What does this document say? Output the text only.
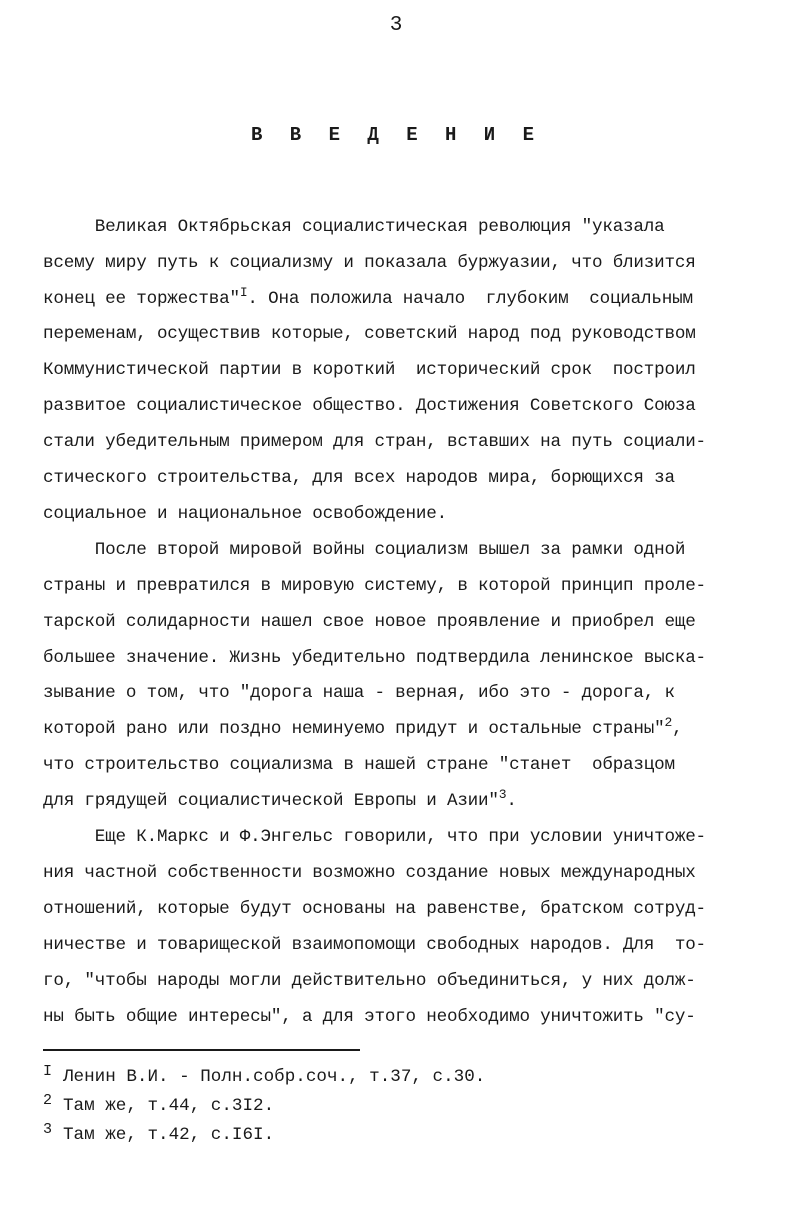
3
В В Е Д Е Н И Е
Великая Октябрьская социалистическая революция "указала
всему миру путь к социализму и показала буржуазии, что близится
конец ее торжества"$^I$. Она положила начало  глубоким  социальным
переменам, осуществив которые, советский народ под руководством
Коммунистической партии в короткий  исторический срок  построил
развитое социалистическое общество. Достижения Советского Союза
стали убедительным примером для стран, вставших на путь социали-
стического строительства, для всех народов мира, борющихся за
социальное и национальное освобождение.
После второй мировой войны социализм вышел за рамки одной
страны и превратился в мировую систему, в которой принцип проле-
тарской солидарности нашел свое новое проявление и приобрел еще
большее значение. Жизнь убедительно подтвердила ленинское выска-
зывание о том, что "дорога наша - верная, ибо это - дорога, к
которой рано или поздно неминуемо придут и остальные страны"$^2$,
что строительство социализма в нашей стране "станет  образцом
для грядущей социалистической Европы и Азии"$^3$.
Еще К.Маркс и Ф.Энгельс говорили, что при условии уничтоже-
ния частной собственности возможно создание новых международных
отношений, которые будут основаны на равенстве, братском сотруд-
ничестве и товарищеской взаимопомощи свободных народов. Для  то-
го, "чтобы народы могли действительно объединиться, у них долж-
ны быть общие интересы", а для этого необходимо уничтожить "су-
I Ленин В.И. - Полн.собр.соч., т.37, с.30.
2 Там же, т.44, с.3I2.
3 Там же, т.42, с.I6I.
